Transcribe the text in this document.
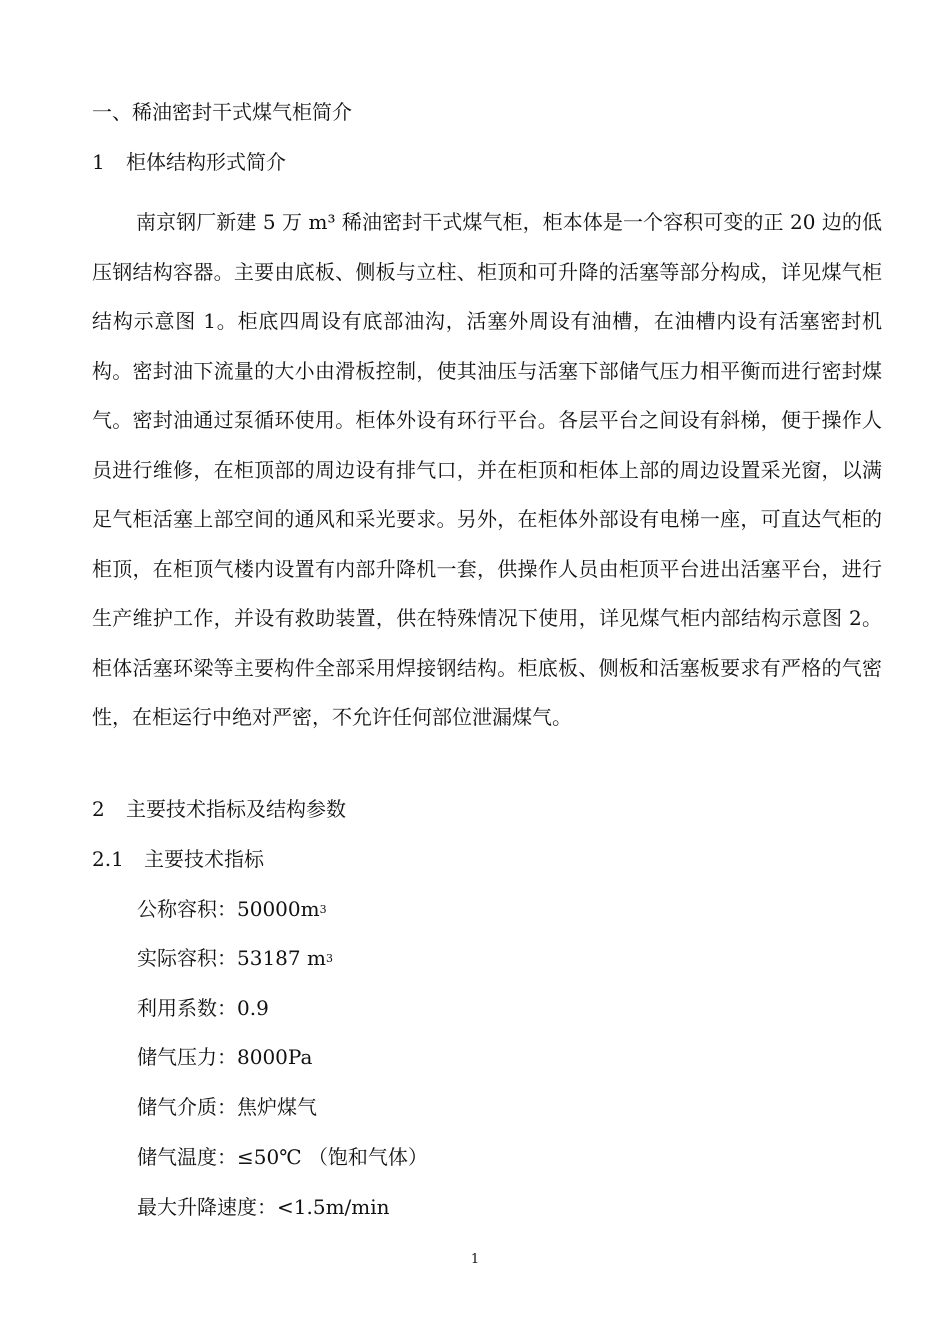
一、稀油密封干式煤气柜简介
1 柜体结构形式简介
南京钢厂新建 5 万 m³ 稀油密封干式煤气柜，柜本体是一个容积可变的正 20 边的低压钢结构容器。主要由底板、侧板与立柱、柜顶和可升降的活塞等部分构成，详见煤气柜结构示意图 1。柜底四周设有底部油沟，活塞外周设有油槽，在油槽内设有活塞密封机构。密封油下流量的大小由滑板控制，使其油压与活塞下部储气压力相平衡而进行密封煤气。密封油通过泵循环使用。柜体外设有环行平台。各层平台之间设有斜梯，便于操作人员进行维修，在柜顶部的周边设有排气口，并在柜顶和柜体上部的周边设置采光窗，以满足气柜活塞上部空间的通风和采光要求。另外，在柜体外部设有电梯一座，可直达气柜的柜顶，在柜顶气楼内设置有内部升降机一套，供操作人员由柜顶平台进出活塞平台，进行生产维护工作，并设有救助装置，供在特殊情况下使用，详见煤气柜内部结构示意图 2。柜体活塞环梁等主要构件全部采用焊接钢结构。柜底板、侧板和活塞板要求有严格的气密性，在柜运行中绝对严密，不允许任何部位泄漏煤气。
2 主要技术指标及结构参数
2.1 主要技术指标
公称容积：$50000m^3$
实际容积：53187 $m^3$
利用系数：0.9
储气压力：8000Pa
储气介质：焦炉煤气
储气温度：≤50℃ （饱和气体）
最大升降速度：<1.5m/min
1
